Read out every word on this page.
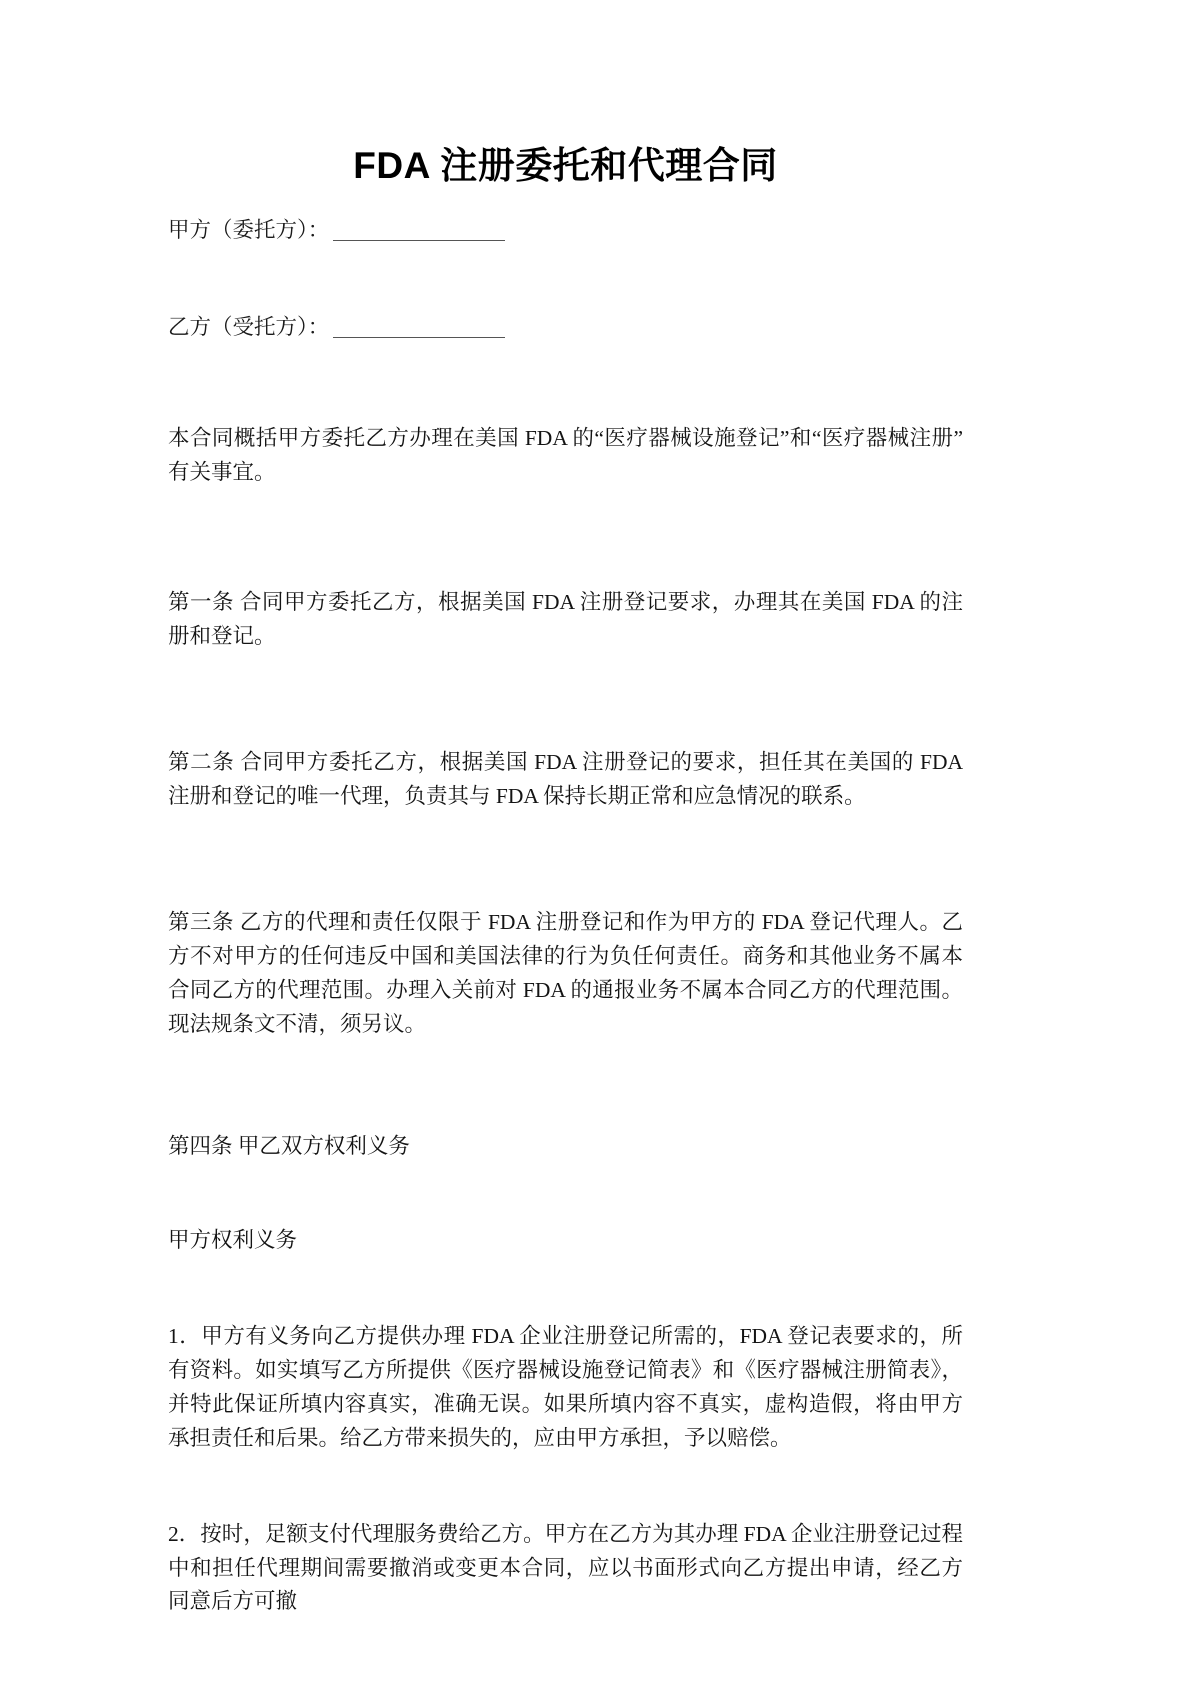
FDA 注册委托和代理合同

甲方（委托方）：

乙方（受托方）：

本合同概括甲方委托乙方办理在美国 FDA 的“医疗器械设施登记”和“医疗器械注册”有关事宜。

第一条 合同甲方委托乙方，根据美国 FDA 注册登记要求，办理其在美国 FDA 的注册和登记。

第二条 合同甲方委托乙方，根据美国 FDA 注册登记的要求，担任其在美国的 FDA 注册和登记的唯一代理，负责其与 FDA 保持长期正常和应急情况的联系。

第三条 乙方的代理和责任仅限于 FDA 注册登记和作为甲方的 FDA 登记代理人。乙方不对甲方的任何违反中国和美国法律的行为负任何责任。商务和其他业务不属本合同乙方的代理范围。办理入关前对 FDA 的通报业务不属本合同乙方的代理范围。现法规条文不清，须另议。

第四条 甲乙双方权利义务

甲方权利义务

1．甲方有义务向乙方提供办理 FDA 企业注册登记所需的，FDA 登记表要求的，所有资料。如实填写乙方所提供《医疗器械设施登记简表》和《医疗器械注册简表》，并特此保证所填内容真实，准确无误。如果所填内容不真实，虚构造假，将由甲方承担责任和后果。给乙方带来损失的，应由甲方承担，予以赔偿。

2．按时，足额支付代理服务费给乙方。甲方在乙方为其办理 FDA 企业注册登记过程中和担任代理期间需要撤消或变更本合同，应以书面形式向乙方提出申请，经乙方同意后方可撤
